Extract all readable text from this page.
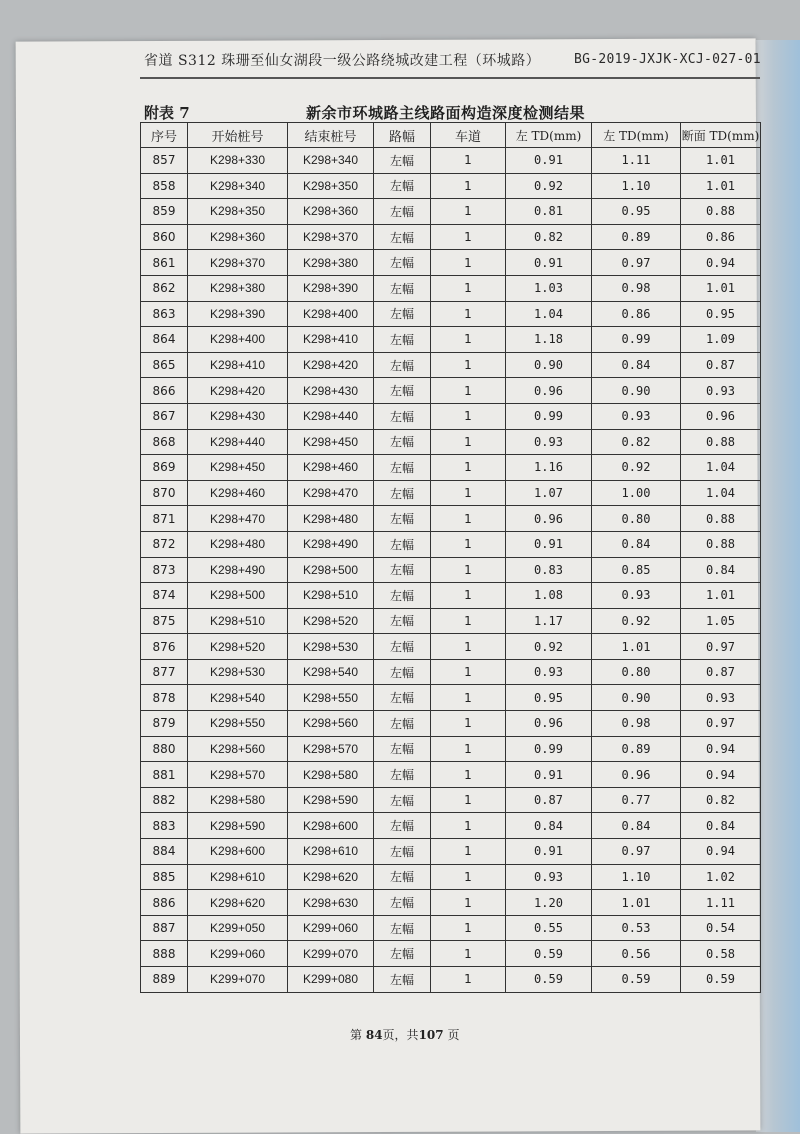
省道 S312 珠珊至仙女湖段一级公路绕城改建工程（环城路）	BG-2019-JXJK-XCJ-027-01
附表 7	新余市环城路主线路面构造深度检测结果
序号	开始桩号	结束桩号	路幅	车道	左 TD(mm)	左 TD(mm)	断面 TD(mm)
857	K298+330	K298+340	左幅	1	0.91	1.11	1.01
858	K298+340	K298+350	左幅	1	0.92	1.10	1.01
859	K298+350	K298+360	左幅	1	0.81	0.95	0.88
860	K298+360	K298+370	左幅	1	0.82	0.89	0.86
861	K298+370	K298+380	左幅	1	0.91	0.97	0.94
862	K298+380	K298+390	左幅	1	1.03	0.98	1.01
863	K298+390	K298+400	左幅	1	1.04	0.86	0.95
864	K298+400	K298+410	左幅	1	1.18	0.99	1.09
865	K298+410	K298+420	左幅	1	0.90	0.84	0.87
866	K298+420	K298+430	左幅	1	0.96	0.90	0.93
867	K298+430	K298+440	左幅	1	0.99	0.93	0.96
868	K298+440	K298+450	左幅	1	0.93	0.82	0.88
869	K298+450	K298+460	左幅	1	1.16	0.92	1.04
870	K298+460	K298+470	左幅	1	1.07	1.00	1.04
871	K298+470	K298+480	左幅	1	0.96	0.80	0.88
872	K298+480	K298+490	左幅	1	0.91	0.84	0.88
873	K298+490	K298+500	左幅	1	0.83	0.85	0.84
874	K298+500	K298+510	左幅	1	1.08	0.93	1.01
875	K298+510	K298+520	左幅	1	1.17	0.92	1.05
876	K298+520	K298+530	左幅	1	0.92	1.01	0.97
877	K298+530	K298+540	左幅	1	0.93	0.80	0.87
878	K298+540	K298+550	左幅	1	0.95	0.90	0.93
879	K298+550	K298+560	左幅	1	0.96	0.98	0.97
880	K298+560	K298+570	左幅	1	0.99	0.89	0.94
881	K298+570	K298+580	左幅	1	0.91	0.96	0.94
882	K298+580	K298+590	左幅	1	0.87	0.77	0.82
883	K298+590	K298+600	左幅	1	0.84	0.84	0.84
884	K298+600	K298+610	左幅	1	0.91	0.97	0.94
885	K298+610	K298+620	左幅	1	0.93	1.10	1.02
886	K298+620	K298+630	左幅	1	1.20	1.01	1.11
887	K299+050	K299+060	左幅	1	0.55	0.53	0.54
888	K299+060	K299+070	左幅	1	0.59	0.56	0.58
889	K299+070	K299+080	左幅	1	0.59	0.59	0.59
第 84页，共107 页
